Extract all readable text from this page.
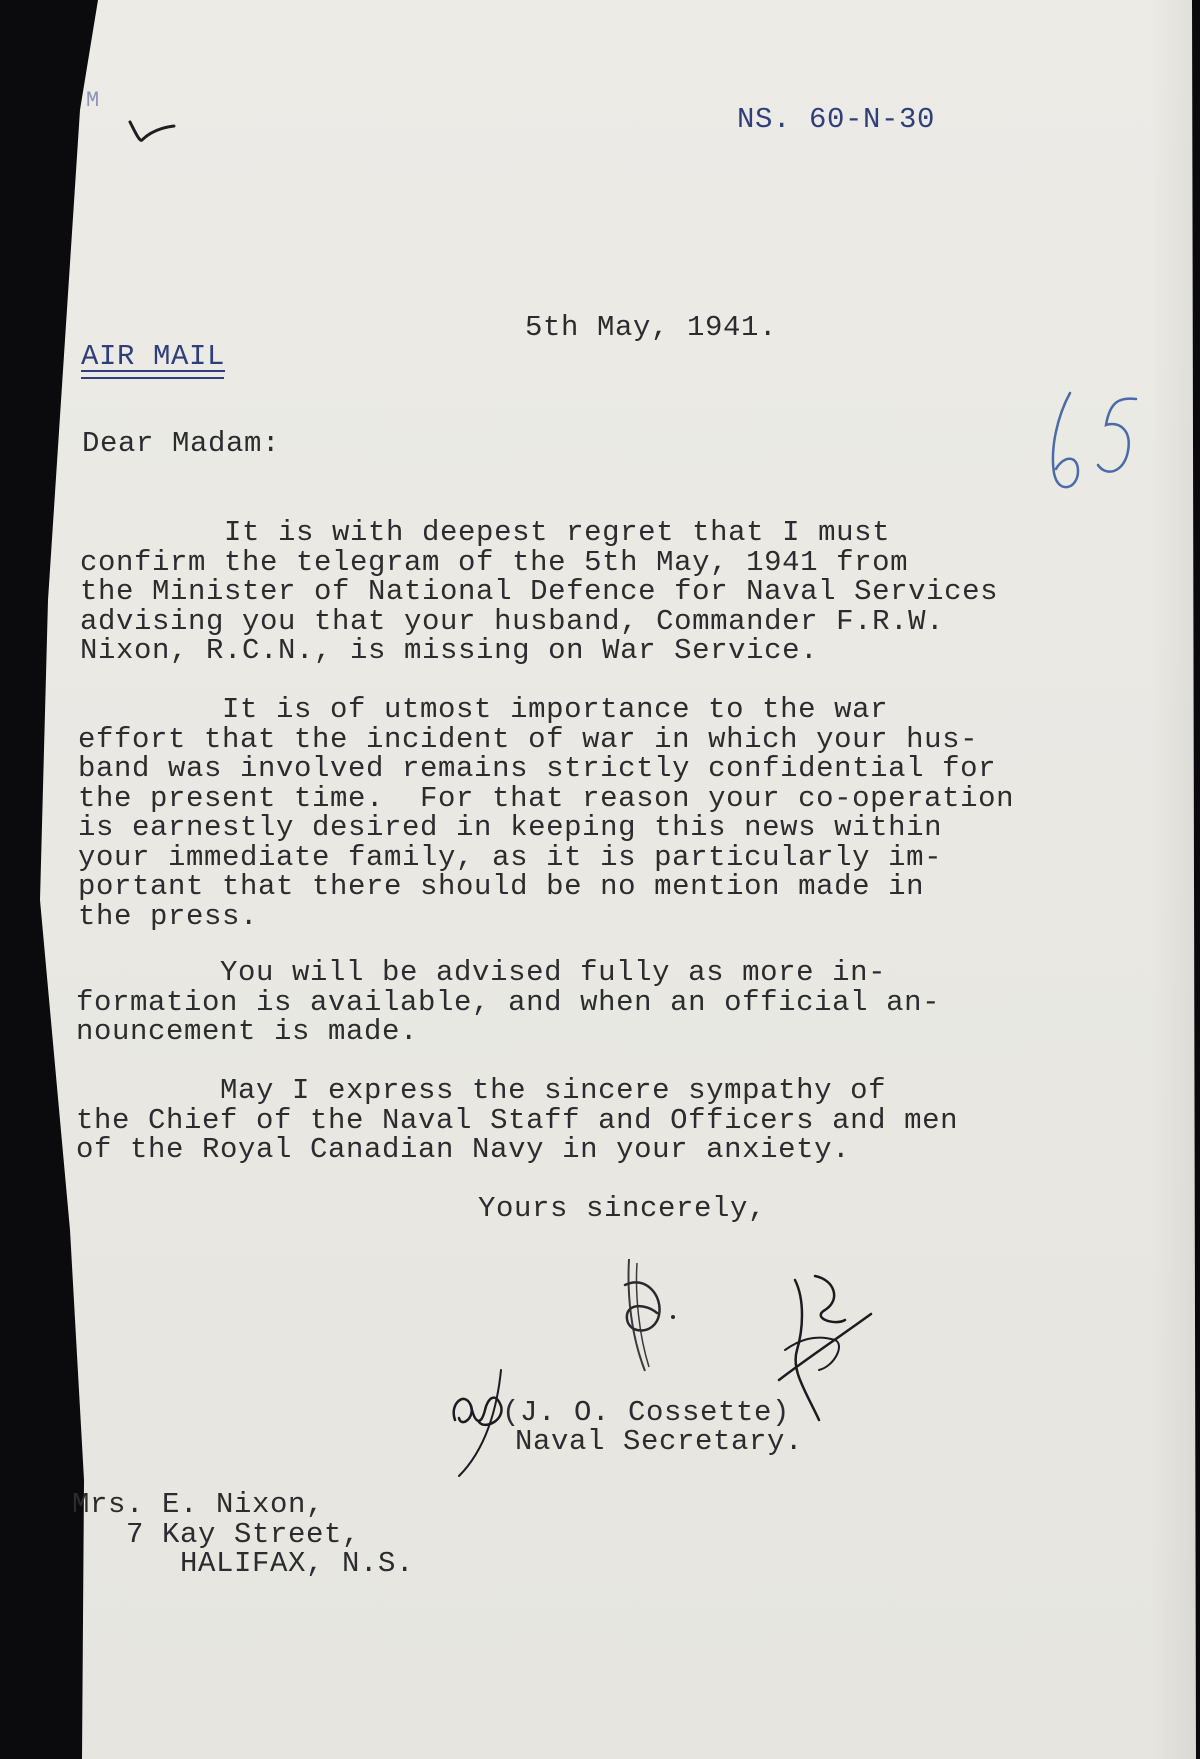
M

NS. 60-N-30

5th May, 1941.

AIR MAIL

Dear Madam:

It is with deepest regret that I must
confirm the telegram of the 5th May, 1941 from
the Minister of National Defence for Naval Services
advising you that your husband, Commander F.R.W.
Nixon, R.C.N., is missing on War Service.

It is of utmost importance to the war
effort that the incident of war in which your hus-
band was involved remains strictly confidential for
the present time.  For that reason your co-operation
is earnestly desired in keeping this news within
your immediate family, as it is particularly im-
portant that there should be no mention made in
the press.

You will be advised fully as more in-
formation is available, and when an official an-
nouncement is made.

May I express the sincere sympathy of
the Chief of the Naval Staff and Officers and men
of the Royal Canadian Navy in your anxiety.

Yours sincerely,

(J. O. Cossette)

Naval Secretary.

Mrs. E. Nixon,
7 Kay Street,
HALIFAX, N.S.
